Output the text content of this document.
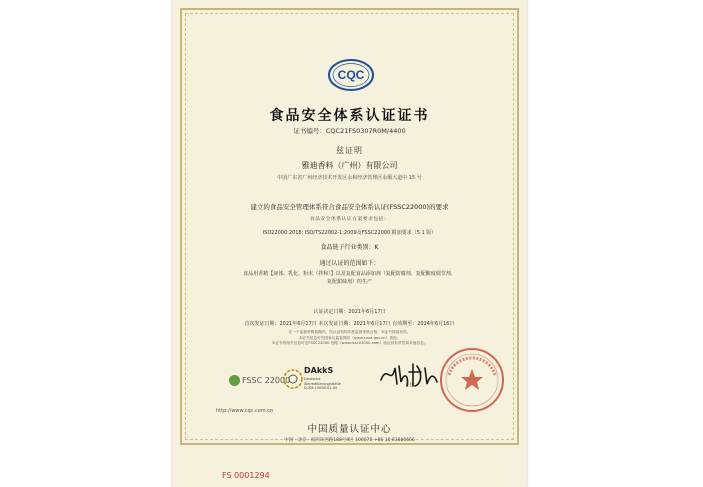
CQC
食品安全体系认证证书
证书编号：CQC21FS0307R0M/4400
兹证明
雅迪香料（广州）有限公司
中国广东省广州经济技术开发区永和经济管理区永顺大道中 15 号
建立的食品安全管理体系符合食品安全体系认证(FSSC22000)的要求
食品安全体系认证方案要求包括：
ISO22000:2018; ISO/TS22002-1:2009及FSSC22000 附加要求（5.1 版）
食品链子行业类别：K
通过认证的范围如下：
食品用香精【液体、乳化、粉末（拌和）】以及复配食品添加剂（复配防腐剂、复配酸度调节剂、
复配甜味剂）的生产
认证决定日期：2021年6月17日
首次发证日期：2021年6月17日 本次发证日期：2021年6月17日 有效期至：2024年6月16日
在一个监督审核周期内，经认证机构年度监督审核合格，本证书持续有效。
本证书信息可在国家认监委网站（www.cnca.gov.cn）查询。
本证书的相关信息可在FSSC22000 官网（www.fssc22000.com）验证其有效性和其他信息。
FSSC 22000
DAkkS
Deutsche
Akkreditierungsstelle
D-ZM-19058-01-00	主任：
http://www.cqc.com.cn
中国质量认证中心
中国 · 北京 · 南四环西路188号9区 100070 +86 10 83886666
FS 0001294
